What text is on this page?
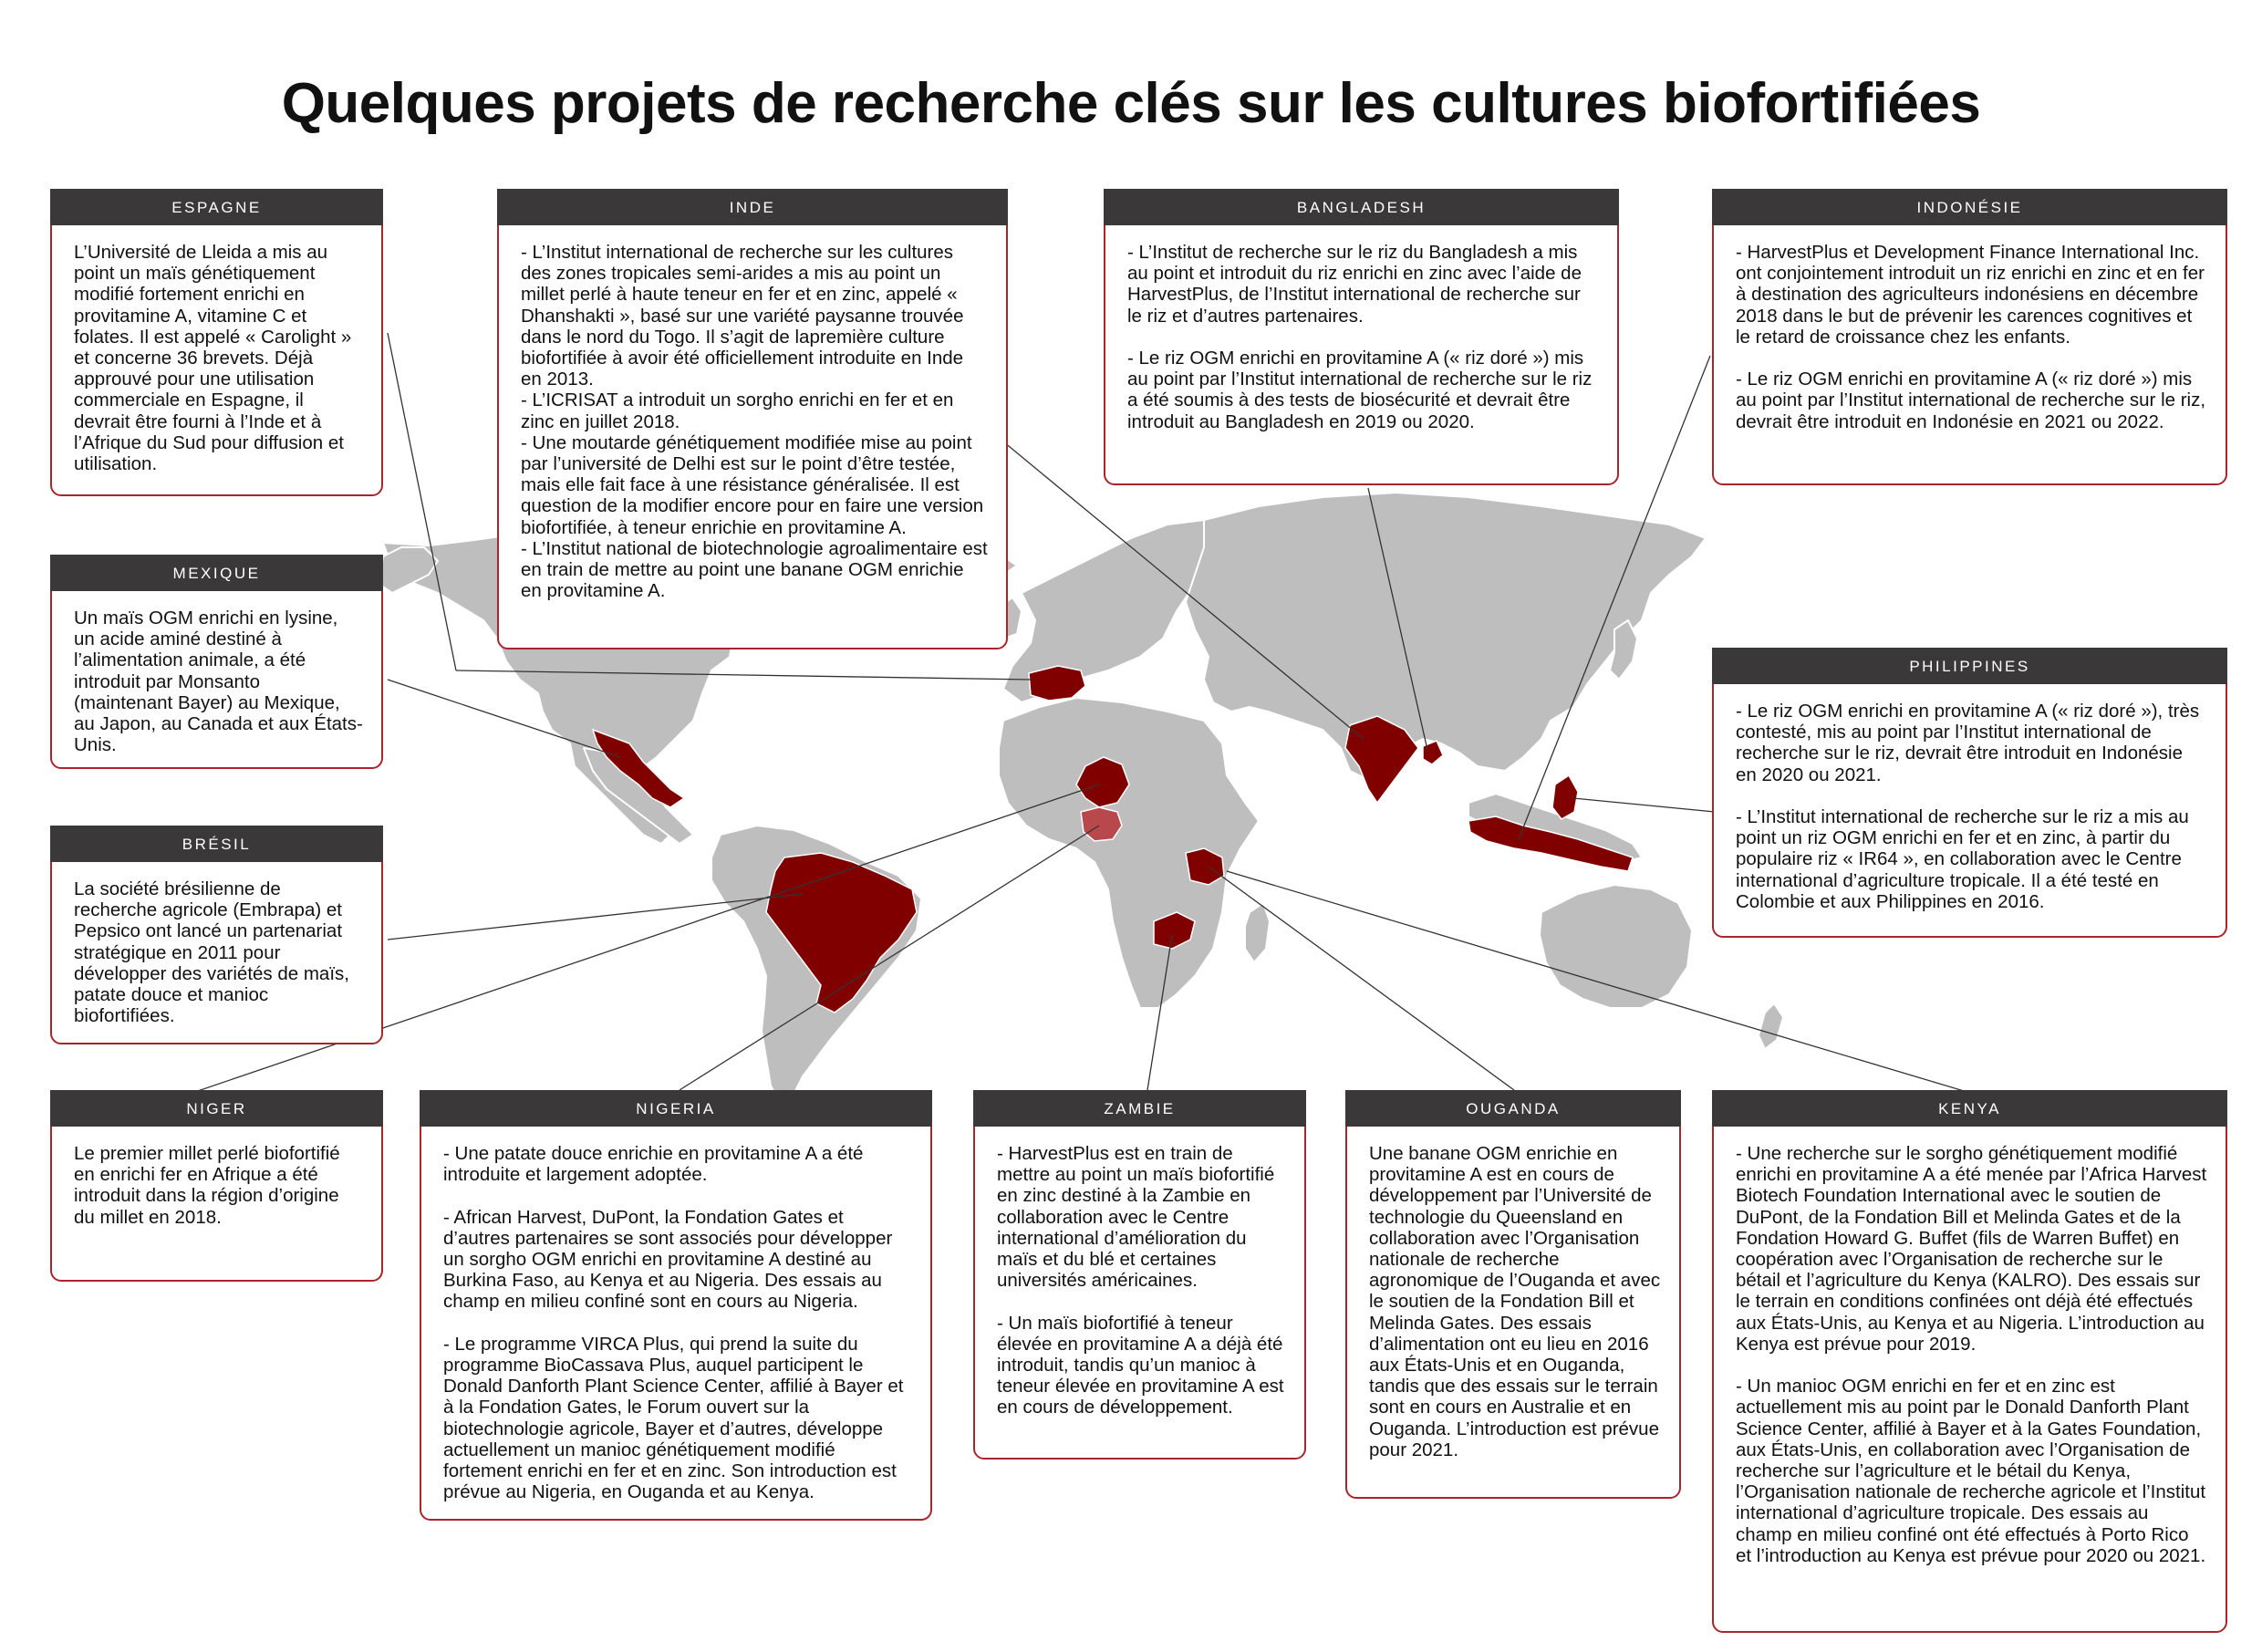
Quelques projets de recherche clés sur les cultures biofortifiées
ESPAGNE
L’Université de Lleida a mis au point un maïs génétiquement modifié fortement enrichi en provitamine A, vitamine C et folates. Il est appelé « Carolight » et concerne 36 brevets. Déjà approuvé pour une utilisation commerciale en Espagne, il devrait être fourni à l’Inde et à l’Afrique du Sud pour diffusion et utilisation.
INDE
- L’Institut international de recherche sur les cultures des zones tropicales semi-arides a mis au point un millet perlé à haute teneur en fer et en zinc, appelé « Dhanshakti », basé sur une variété paysanne trouvée dans le nord du Togo. Il s’agit de lapremière culture biofortifiée à avoir été officiellement introduite en Inde en 2013.
- L’ICRISAT a introduit un sorgho enrichi en fer et en zinc en juillet 2018.
- Une moutarde génétiquement modifiée mise au point par l’université de Delhi est sur le point d’être testée, mais elle fait face à une résistance généralisée. Il est question de la modifier encore pour en faire une version biofortifiée, à teneur enrichie en provitamine A.
- L’Institut national de biotechnologie agroalimentaire est en train de mettre au point une banane OGM enrichie en provitamine A.
BANGLADESH
- L’Institut de recherche sur le riz du Bangladesh a mis au point et introduit du riz enrichi en zinc avec l’aide de HarvestPlus, de l’Institut international de recherche sur le riz et d’autres partenaires.

- Le riz OGM enrichi en provitamine A (« riz doré ») mis au point par l’Institut international de recherche sur le riz a été soumis à des tests de biosécurité et devrait être introduit au Bangladesh en 2019 ou 2020.
INDONÉSIE
- HarvestPlus et Development Finance International Inc. ont conjointement introduit un riz enrichi en zinc et en fer à destination des agriculteurs indonésiens en décembre 2018 dans le but de prévenir les carences cognitives et le retard de croissance chez les enfants.

- Le riz OGM enrichi en provitamine A (« riz doré ») mis au point par l’Institut international de recherche sur le riz, devrait être introduit en Indonésie en 2021 ou 2022.
MEXIQUE
Un maïs OGM enrichi en lysine, un acide aminé destiné à l’alimentation animale, a été introduit par Monsanto (maintenant Bayer) au Mexique, au Japon, au Canada et aux États-Unis.
PHILIPPINES
- Le riz OGM enrichi en provitamine A (« riz doré »), très contesté, mis au point par l’Institut international de recherche sur le riz, devrait être introduit en Indonésie en 2020 ou 2021.

- L’Institut international de recherche sur le riz a mis au point un riz OGM enrichi en fer et en zinc, à partir du populaire riz « IR64 », en collaboration avec le Centre international d’agriculture tropicale. Il a été testé en Colombie et aux Philippines en 2016.
BRÉSIL
La société brésilienne de recherche agricole (Embrapa) et Pepsico ont lancé un partenariat stratégique en 2011 pour développer des variétés de maïs, patate douce et manioc biofortifiées.
NIGER
Le premier millet perlé biofortifié en enrichi fer en Afrique a été introduit dans la région d’origine du millet en 2018.
NIGERIA
- Une patate douce enrichie en provitamine A a été introduite et largement adoptée.

- African Harvest, DuPont, la Fondation Gates et d’autres partenaires se sont associés pour développer un sorgho OGM enrichi en provitamine A destiné au Burkina Faso, au Kenya et au Nigeria. Des essais au champ en milieu confiné sont en cours au Nigeria.

- Le programme VIRCA Plus, qui prend la suite du programme BioCassava Plus, auquel participent le Donald Danforth Plant Science Center, affilié à Bayer et à la Fondation Gates, le Forum ouvert sur la biotechnologie agricole, Bayer et d’autres, développe actuellement un manioc génétiquement modifié fortement enrichi en fer et en zinc. Son introduction est prévue au Nigeria, en Ouganda et au Kenya.
ZAMBIE
- HarvestPlus est en train de mettre au point un maïs biofortifié en zinc destiné à la Zambie en collaboration avec le Centre international d’amélioration du maïs et du blé et certaines universités américaines.

- Un maïs biofortifié à teneur élevée en provitamine A a déjà été introduit, tandis qu’un manioc à teneur élevée en provitamine A est en cours de développement.
OUGANDA
Une banane OGM enrichie en provitamine A est en cours de développement par l’Université de technologie du Queensland en collaboration avec l’Organisation nationale de recherche agronomique de l’Ouganda et avec le soutien de la Fondation Bill et Melinda Gates. Des essais d’alimentation ont eu lieu en 2016 aux États-Unis et en Ouganda, tandis que des essais sur le terrain sont en cours en Australie et en Ouganda. L’introduction est prévue pour 2021.
KENYA
- Une recherche sur le sorgho génétiquement modifié enrichi en provitamine A a été menée par l’Africa Harvest Biotech Foundation International avec le soutien de DuPont, de la Fondation Bill et Melinda Gates et de la Fondation Howard G. Buffet (fils de Warren Buffet) en coopération avec l’Organisation de recherche sur le bétail et l’agriculture du Kenya (KALRO). Des essais sur le terrain en conditions confinées ont déjà été effectués aux États-Unis, au Kenya et au Nigeria. L’introduction au Kenya est prévue pour 2019.

- Un manioc OGM enrichi en fer et en zinc est actuellement mis au point par le Donald Danforth Plant Science Center, affilié à Bayer et à la Gates Foundation, aux États-Unis, en collaboration avec l’Organisation de recherche sur l’agriculture et le bétail du Kenya, l’Organisation nationale de recherche agricole et l’Institut international d’agriculture tropicale. Des essais au champ en milieu confiné ont été effectués à Porto Rico et l’introduction au Kenya est prévue pour 2020 ou 2021.
